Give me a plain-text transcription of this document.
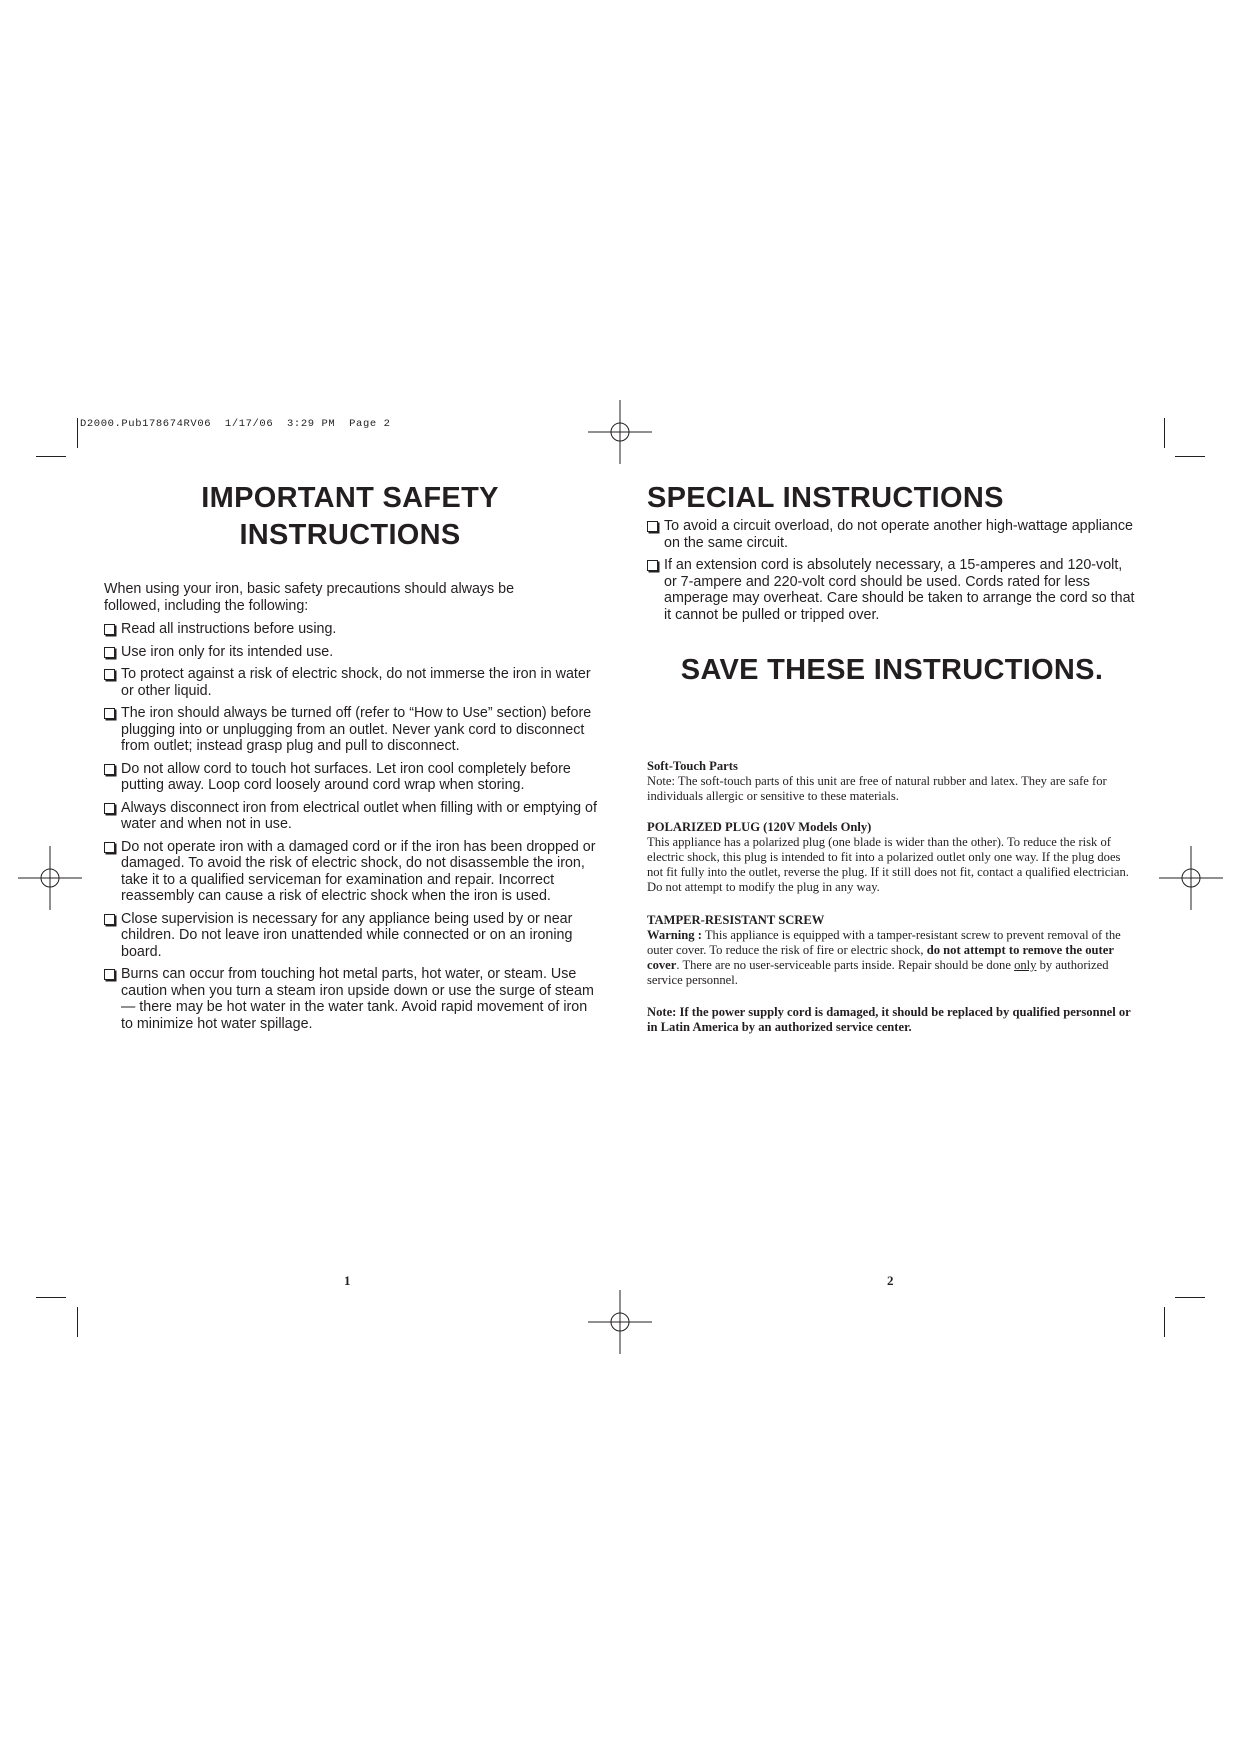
D2000.Pub178674RV06  1/17/06  3:29 PM  Page 2
IMPORTANT SAFETY
INSTRUCTIONS
When using your iron, basic safety precautions should always be followed, including the following:
Read all instructions before using.
Use iron only for its intended use.
To protect against a risk of electric shock, do not immerse the iron in water or other liquid.
The iron should always be turned off (refer to “How to Use” section) before plugging into or unplugging from an outlet. Never yank cord to disconnect from outlet; instead grasp plug and pull to disconnect.
Do not allow cord to touch hot surfaces. Let iron cool completely before putting away. Loop cord loosely around cord wrap when storing.
Always disconnect iron from electrical outlet when filling with or emptying of water and when not in use.
Do not operate iron with a damaged cord or if the iron has been dropped or damaged. To avoid the risk of electric shock, do not disassemble the iron, take it to a qualified serviceman for examination and repair. Incorrect reassembly can cause a risk of electric shock when the iron is used.
Close supervision is necessary for any appliance being used by or near children. Do not leave iron unattended while connected or on an ironing board.
Burns can occur from touching hot metal parts, hot water, or steam. Use caution when you turn a steam iron upside down or use the surge of steam — there may be hot water in the water tank. Avoid rapid movement of iron to minimize hot water spillage.
1
SPECIAL INSTRUCTIONS
To avoid a circuit overload, do not operate another high-wattage appliance on the same circuit.
If an extension cord is absolutely necessary, a 15-amperes and 120-volt, or 7-ampere and 220-volt cord should be used. Cords rated for less amperage may overheat. Care should be taken to arrange the cord so that it cannot be pulled or tripped over.
SAVE THESE INSTRUCTIONS.
Soft-Touch Parts
Note: The soft-touch parts of this unit are free of natural rubber and latex. They are safe for individuals allergic or sensitive to these materials.
POLARIZED PLUG (120V Models Only)
This appliance has a polarized plug (one blade is wider than the other). To reduce the risk of electric shock, this plug is intended to fit into a polarized outlet only one way. If the plug does not fit fully into the outlet, reverse the plug. If it still does not fit, contact a qualified electrician. Do not attempt to modify the plug in any way.
TAMPER-RESISTANT SCREW
Warning : This appliance is equipped with a tamper-resistant screw to prevent removal of the outer cover. To reduce the risk of fire or electric shock, do not attempt to remove the outer cover. There are no user-serviceable parts inside. Repair should be done only by authorized service personnel.
Note: If the power supply cord is damaged, it should be replaced by qualified personnel or in Latin America by an authorized service center.
2
